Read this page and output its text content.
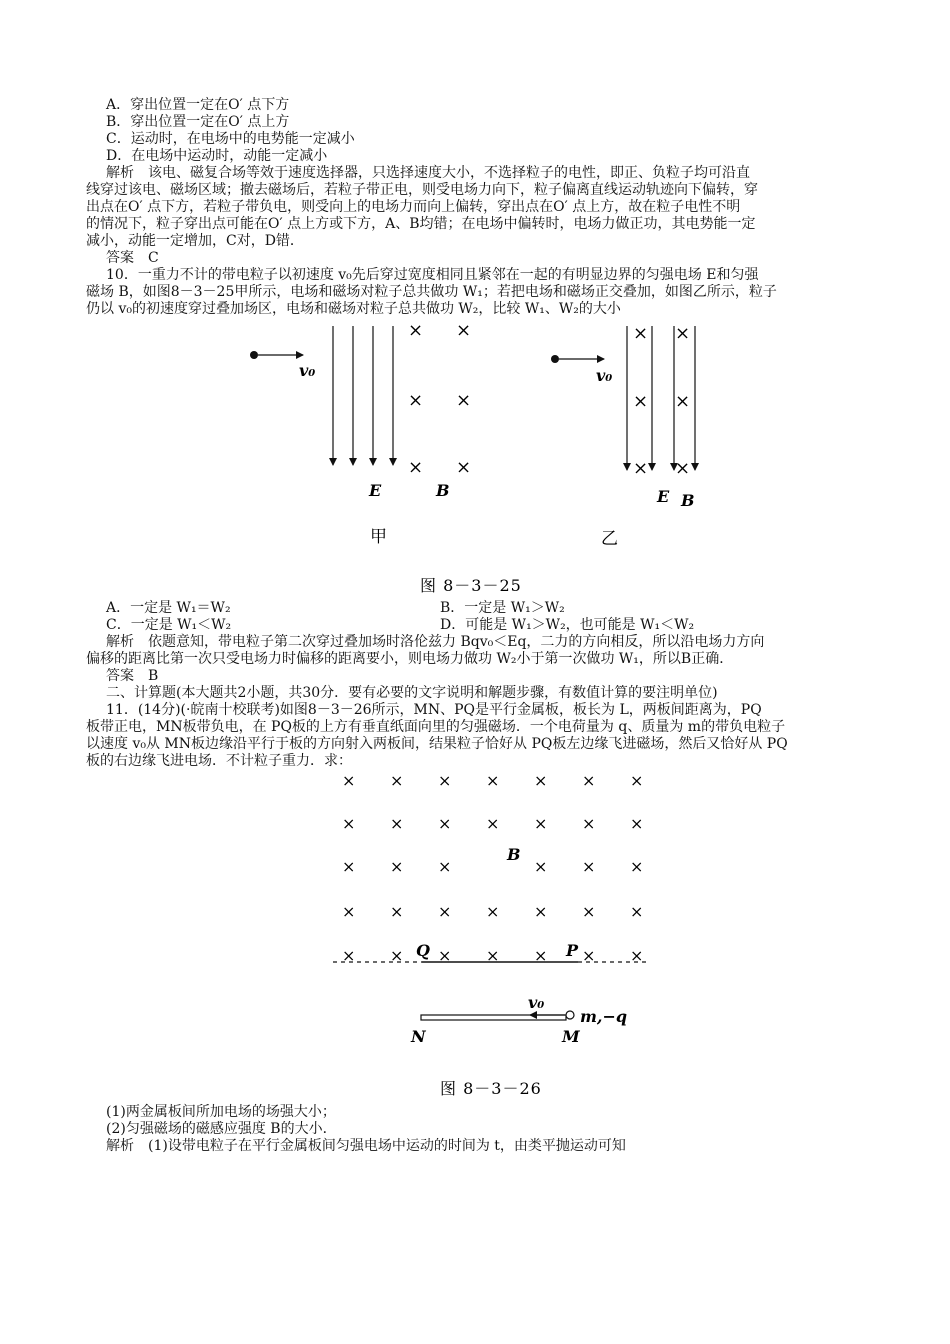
A．穿出位置一定在O′ 点下方
B．穿出位置一定在O′ 点上方
C．运动时，在电场中的电势能一定减小
D．在电场中运动时，动能一定减小
解析　该电、磁复合场等效于速度选择器，只选择速度大小，不选择粒子的电性，即正、负粒子均可沿直
线穿过该电、磁场区域；撤去磁场后，若粒子带正电，则受电场力向下，粒子偏离直线运动轨迹向下偏转，穿
出点在O′ 点下方，若粒子带负电，则受向上的电场力而向上偏转，穿出点在O′ 点上方，故在粒子电性不明
的情况下，粒子穿出点可能在O′ 点上方或下方，A、B均错；在电场中偏转时，电场力做正功，其电势能一定
减小，动能一定增加，C对，D错．
答案　C
10．一重力不计的带电粒子以初速度 v₀先后穿过宽度相同且紧邻在一起的有明显边界的匀强电场 E和匀强
磁场 B，如图8－3－25甲所示，电场和磁场对粒子总共做功 W₁；若把电场和磁场正交叠加，如图乙所示，粒子
仍以 v₀的初速度穿过叠加场区，电场和磁场对粒子总共做功 W₂，比较 W₁、W₂的大小
v₀
× ×
× ×
× ×
E	B
甲
v₀
× ×
× ×
× ×
E B
乙
图 8－3－25
A．一定是 W₁＝W₂	B．一定是 W₁＞W₂
C．一定是 W₁＜W₂	D．可能是 W₁＞W₂，也可能是 W₁＜W₂
解析　依题意知，带电粒子第二次穿过叠加场时洛伦兹力 Bqv₀＜Eq，二力的方向相反，所以沿电场力方向
偏移的距离比第一次只受电场力时偏移的距离要小，则电场力做功 W₂小于第一次做功 W₁，所以B正确．
答案　B
二、计算题(本大题共2小题，共30分．要有必要的文字说明和解题步骤，有数值计算的要注明单位)
11．(14分)(·皖南十校联考)如图8－3－26所示，MN、PQ是平行金属板，板长为 L，两板间距离为，PQ
板带正电，MN板带负电，在 PQ板的上方有垂直纸面向里的匀强磁场．一个电荷量为 q、质量为 m的带负电粒子
以速度 v₀从 MN板边缘沿平行于板的方向射入两板间，结果粒子恰好从 PQ板左边缘飞进磁场，然后又恰好从 PQ
板的右边缘飞进电场．不计粒子重力．求：
× × × × × × ×
× × × × × × ×
× × ×	× × ×
× × × × × × ×
× ×	×
× × × ×
B
Q	P
v₀
m,−q
N	M
图 8－3－26
(1)两金属板间所加电场的场强大小；
(2)匀强磁场的磁感应强度 B的大小．
解析　(1)设带电粒子在平行金属板间匀强电场中运动的时间为 t，由类平抛运动可知
